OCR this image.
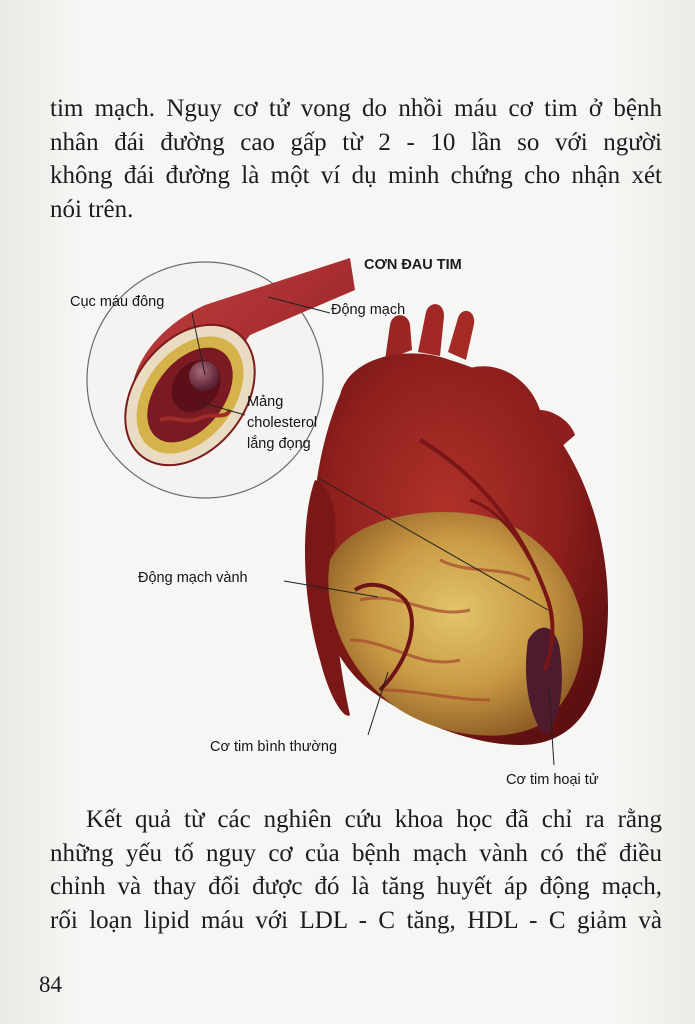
tim mạch. Nguy cơ tử vong do nhồi máu cơ tim ở bệnh
nhân đái đường cao gấp từ 2 - 10 lần so với người
không đái đường là một ví dụ minh chứng cho nhận xét
nói trên.

CƠN ĐAU TIM
Cục máu đông	Động mạch
Mảng
cholesterol
lắng đọng
Động mạch vành
Cơ tim bình thường
Cơ tim hoại tử

Kết quả từ các nghiên cứu khoa học đã chỉ ra rằng
những yếu tố nguy cơ của bệnh mạch vành có thể điều
chỉnh và thay đổi được đó là tăng huyết áp động mạch,
rối loạn lipid máu với LDL - C tăng, HDL - C giảm và

84
